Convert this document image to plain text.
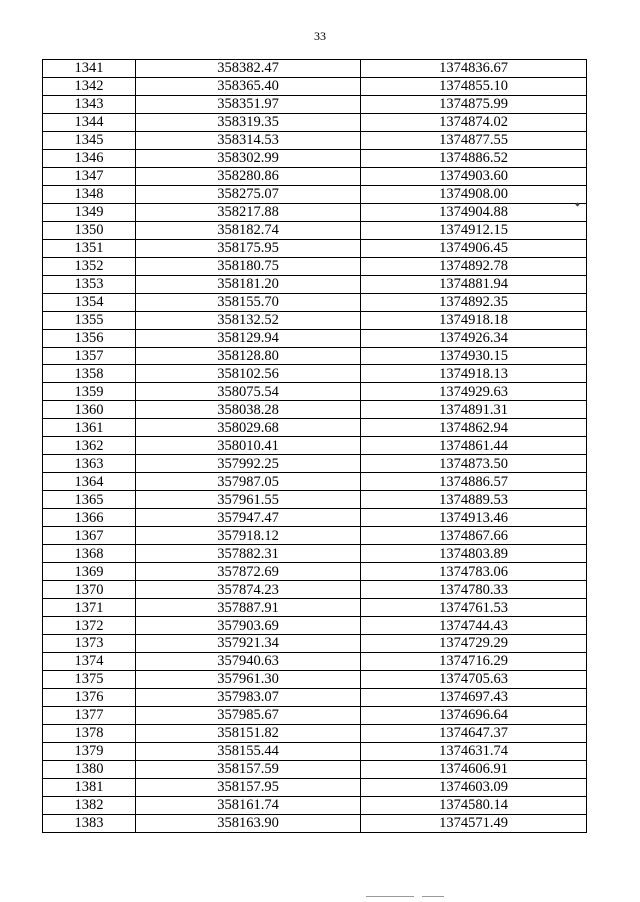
33
1341	358382.47	1374836.67
1342	358365.40	1374855.10
1343	358351.97	1374875.99
1344	358319.35	1374874.02
1345	358314.53	1374877.55
1346	358302.99	1374886.52
1347	358280.86	1374903.60
1348	358275.07	1374908.00
1349	358217.88	1374904.88
1350	358182.74	1374912.15
1351	358175.95	1374906.45
1352	358180.75	1374892.78
1353	358181.20	1374881.94
1354	358155.70	1374892.35
1355	358132.52	1374918.18
1356	358129.94	1374926.34
1357	358128.80	1374930.15
1358	358102.56	1374918.13
1359	358075.54	1374929.63
1360	358038.28	1374891.31
1361	358029.68	1374862.94
1362	358010.41	1374861.44
1363	357992.25	1374873.50
1364	357987.05	1374886.57
1365	357961.55	1374889.53
1366	357947.47	1374913.46
1367	357918.12	1374867.66
1368	357882.31	1374803.89
1369	357872.69	1374783.06
1370	357874.23	1374780.33
1371	357887.91	1374761.53
1372	357903.69	1374744.43
1373	357921.34	1374729.29
1374	357940.63	1374716.29
1375	357961.30	1374705.63
1376	357983.07	1374697.43
1377	357985.67	1374696.64
1378	358151.82	1374647.37
1379	358155.44	1374631.74
1380	358157.59	1374606.91
1381	358157.95	1374603.09
1382	358161.74	1374580.14
1383	358163.90	1374571.49
